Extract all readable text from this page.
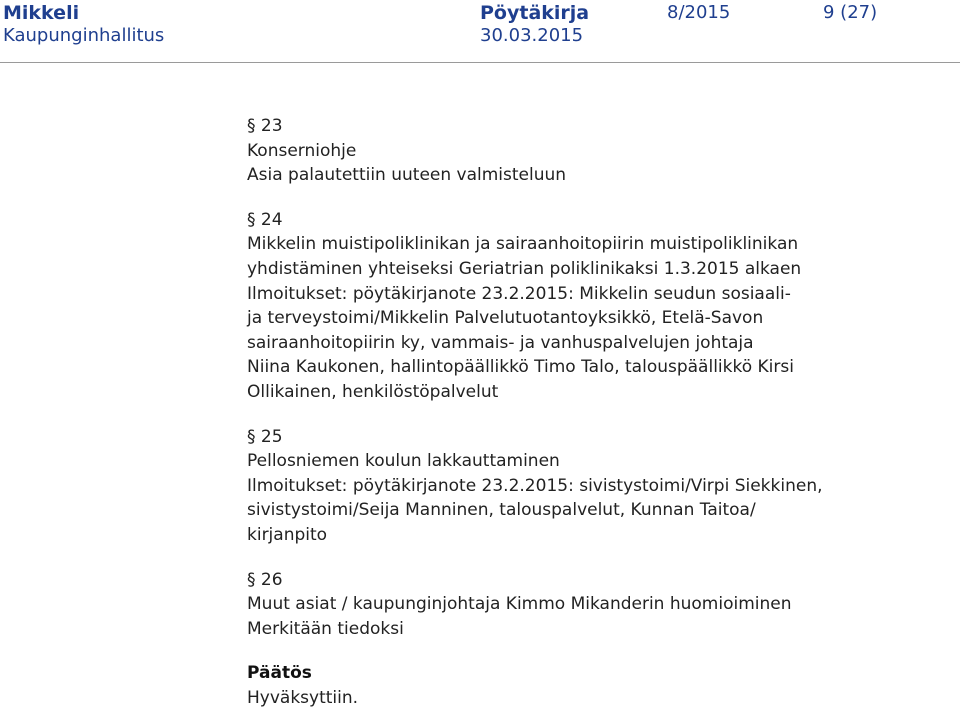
Mikkeli
Kaupunginhallitus
Pöytäkirja
30.03.2015
8/2015	9 (27)
§ 23
Konserniohje
Asia palautettiin uuteen valmisteluun
§ 24
Mikkelin muistipoliklinikan ja sairaanhoitopiirin muistipoliklinikan
yhdistäminen yhteiseksi Geriatrian poliklinikaksi 1.3.2015 alkaen
Ilmoitukset: pöytäkirjanote 23.2.2015: Mikkelin seudun sosiaali-
ja terveystoimi/Mikkelin Palvelutuotantoyksikkö, Etelä-Savon
sairaanhoitopiirin ky, vammais- ja vanhuspalvelujen johtaja
Niina Kaukonen, hallintopäällikkö Timo Talo, talouspäällikkö Kirsi
Ollikainen, henkilöstöpalvelut
§ 25
Pellosniemen koulun lakkauttaminen
Ilmoitukset: pöytäkirjanote 23.2.2015: sivistystoimi/Virpi Siekkinen,
sivistystoimi/Seija Manninen, talouspalvelut, Kunnan Taitoa/
kirjanpito
§ 26
Muut asiat / kaupunginjohtaja Kimmo Mikanderin huomioiminen
Merkitään tiedoksi
Päätös
Hyväksyttiin.
